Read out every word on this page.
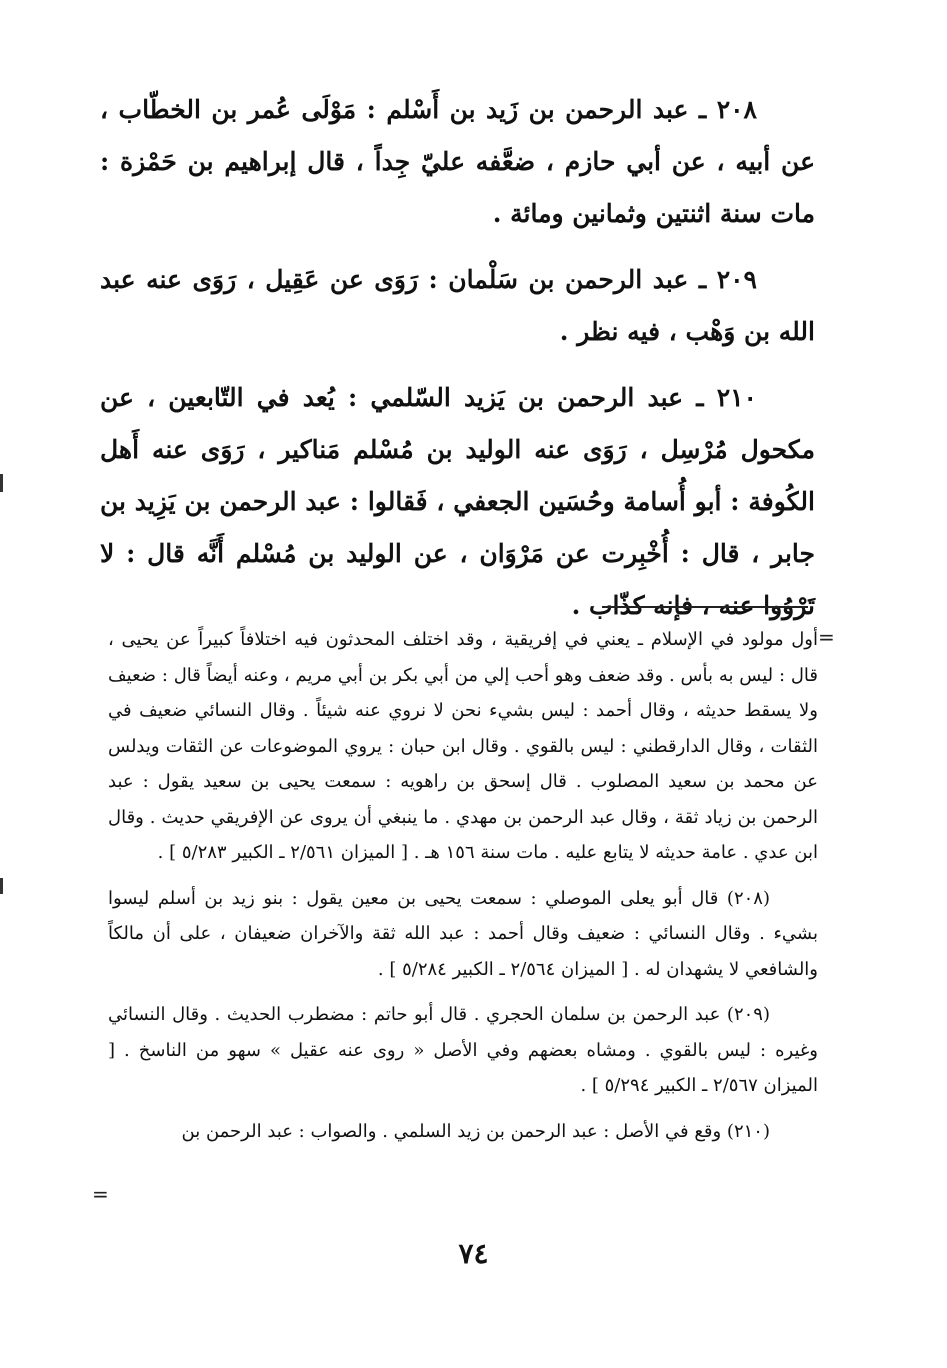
٢٠٨ ـ عبد الرحمن بن زَيد بن أَسْلم : مَوْلَى عُمر بن الخطّاب ، عن أبيه ، عن أبي حازم ، ضعَّفه عليّ جِداً ، قال إبراهيم بن حَمْزة : مات سنة اثنتين وثمانين ومائة .

٢٠٩ ـ عبد الرحمن بن سَلْمان : رَوَى عن عَقِيل ، رَوَى عنه عبد الله بن وَهْب ، فيه نظر .

٢١٠ ـ عبد الرحمن بن يَزيد السّلمي : يُعد في التّابعين ، عن مكحول مُرْسِل ، رَوَى عنه الوليد بن مُسْلم مَناكير ، رَوَى عنه أَهل الكُوفة : أبو أُسامة وحُسَين الجعفي ، فَقالوا : عبد الرحمن بن يَزِيد بن جابر ، قال : أُخْبِرت عن مَرْوَان ، عن الوليد بن مُسْلم أَنَّه قال : لا تَرْوُوا عنه ، فإنه كذّاب .

=

أول مولود في الإسلام ـ يعني في إفريقية ، وقد اختلف المحدثون فيه اختلافاً كبيراً عن يحيى ، قال : ليس به بأس . وقد ضعف وهو أحب إلي من أبي بكر بن أبي مريم ، وعنه أيضاً قال : ضعيف ولا يسقط حديثه ، وقال أحمد : ليس بشيء نحن لا نروي عنه شيئاً . وقال النسائي ضعيف في الثقات ، وقال الدارقطني : ليس بالقوي . وقال ابن حبان : يروي الموضوعات عن الثقات ويدلس عن محمد بن سعيد المصلوب . قال إسحق بن راهويه : سمعت يحيى بن سعيد يقول : عبد الرحمن بن زياد ثقة ، وقال عبد الرحمن بن مهدي . ما ينبغي أن يروى عن الإفريقي حديث . وقال ابن عدي . عامة حديثه لا يتابع عليه . مات سنة ١٥٦ هـ . [ الميزان ٢/٥٦١ ـ الكبير ٥/٢٨٣ ] .

(٢٠٨) قال أبو يعلى الموصلي : سمعت يحيى بن معين يقول : بنو زيد بن أسلم ليسوا بشيء . وقال النسائي : ضعيف وقال أحمد : عبد الله ثقة والآخران ضعيفان ، على أن مالكاً والشافعي لا يشهدان له . [ الميزان ٢/٥٦٤ ـ الكبير ٥/٢٨٤ ] .

(٢٠٩) عبد الرحمن بن سلمان الحجري . قال أبو حاتم : مضطرب الحديث . وقال النسائي وغيره : ليس بالقوي . ومشاه بعضهم وفي الأصل « روى عنه عقيل » سهو من الناسخ . [ الميزان ٢/٥٦٧ ـ الكبير ٥/٢٩٤ ] .

(٢١٠) وقع في الأصل : عبد الرحمن بن زيد السلمي . والصواب : عبد الرحمن بن

=
٧٤
